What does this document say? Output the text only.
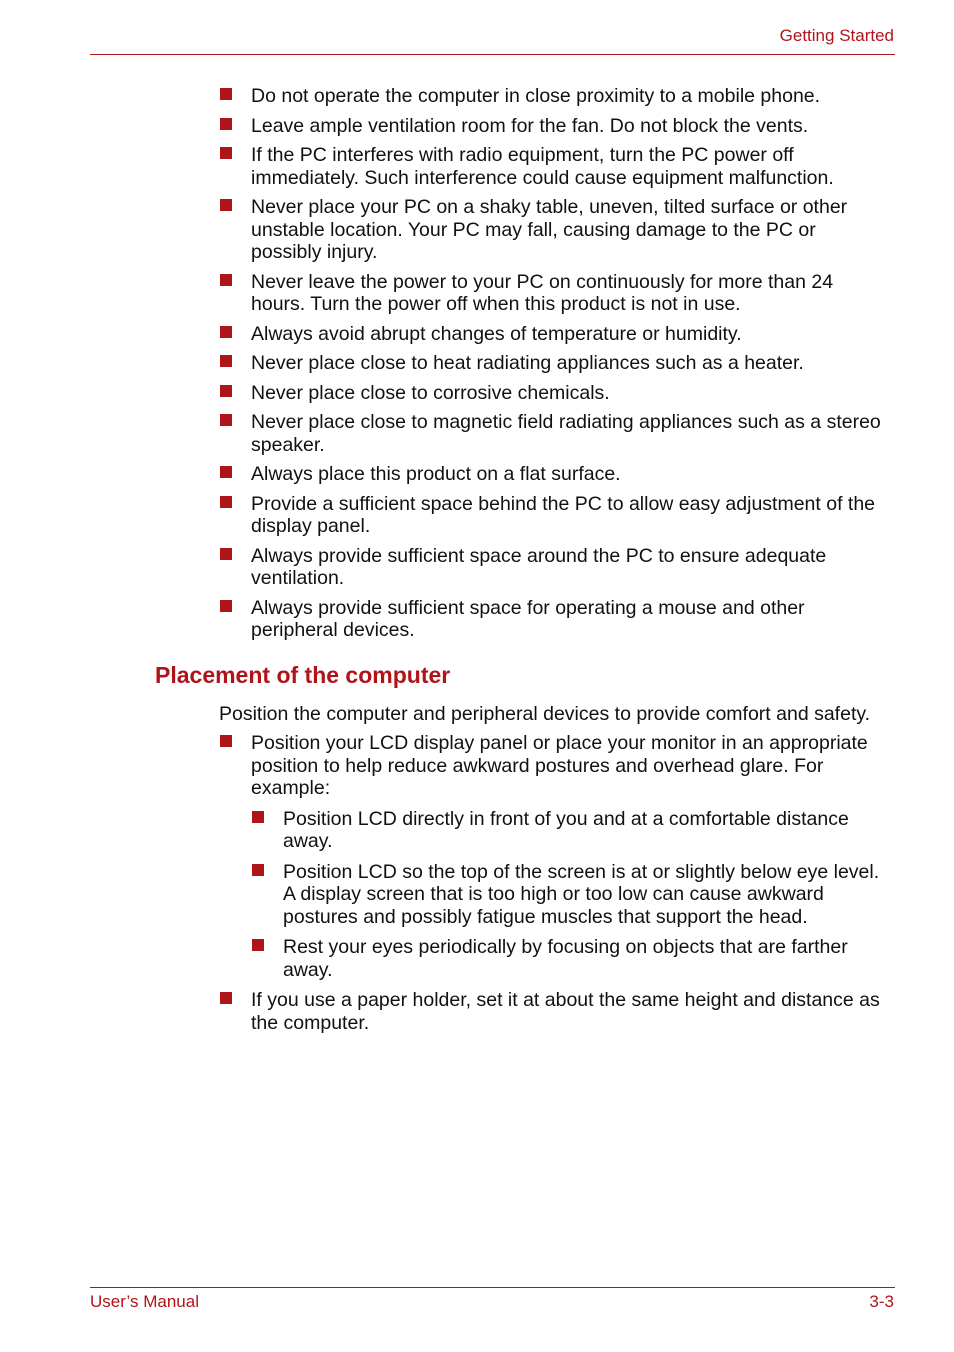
Getting Started
Do not operate the computer in close proximity to a mobile phone.
Leave ample ventilation room for the fan. Do not block the vents.
If the PC interferes with radio equipment, turn the PC power off immediately. Such interference could cause equipment malfunction.
Never place your PC on a shaky table, uneven, tilted surface or other unstable location. Your PC may fall, causing damage to the PC or possibly injury.
Never leave the power to your PC on continuously for more than 24 hours. Turn the power off when this product is not in use.
Always avoid abrupt changes of temperature or humidity.
Never place close to heat radiating appliances such as a heater.
Never place close to corrosive chemicals.
Never place close to magnetic field radiating appliances such as a stereo speaker.
Always place this product on a flat surface.
Provide a sufficient space behind the PC to allow easy adjustment of the display panel.
Always provide sufficient space around the PC to ensure adequate ventilation.
Always provide sufficient space for operating a mouse and other peripheral devices.
Placement of the computer

Position the computer and peripheral devices to provide comfort and safety.

Position your LCD display panel or place your monitor in an appropriate position to help reduce awkward postures and overhead glare. For example:
Position LCD directly in front of you and at a comfortable distance away.
Position LCD so the top of the screen is at or slightly below eye level. A display screen that is too high or too low can cause awkward postures and possibly fatigue muscles that support the head.
Rest your eyes periodically by focusing on objects that are farther away.
If you use a paper holder, set it at about the same height and distance as the computer.
User’s Manual	3-3
